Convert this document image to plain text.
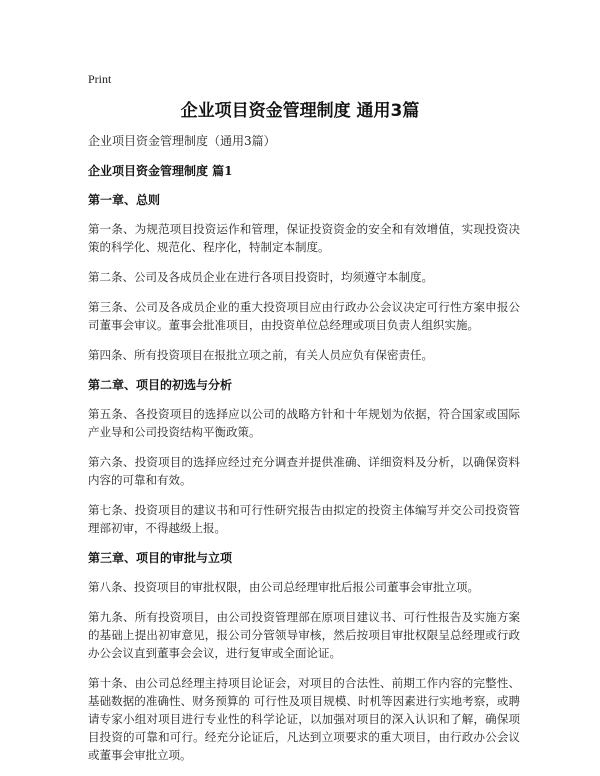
Print
企业项目资金管理制度 通用3篇

企业项目资金管理制度（通用3篇）

企业项目资金管理制度 篇1

第一章、总则

第一条、为规范项目投资运作和管理，保证投资资金的安全和有效增值，实现投资决策的科学化、规范化、程序化，特制定本制度。

第二条、公司及各成员企业在进行各项目投资时，均须遵守本制度。

第三条、公司及各成员企业的重大投资项目应由行政办公会议决定可行性方案申报公司董事会审议。董事会批准项目，由投资单位总经理或项目负责人组织实施。

第四条、所有投资项目在报批立项之前，有关人员应负有保密责任。

第二章、项目的初选与分析

第五条、各投资项目的选择应以公司的战略方针和十年规划为依据，符合国家或国际产业导和公司投资结构平衡政策。

第六条、投资项目的选择应经过充分调查并提供准确、详细资料及分析，以确保资料内容的可靠和有效。

第七条、投资项目的建议书和可行性研究报告由拟定的投资主体编写并交公司投资管理部初审，不得越级上报。

第三章、项目的审批与立项

第八条、投资项目的审批权限，由公司总经理审批后报公司董事会审批立项。

第九条、所有投资项目，由公司投资管理部在原项目建议书、可行性报告及实施方案的基础上提出初审意见，报公司分管领导审核，然后按项目审批权限呈总经理或行政办公会议直到董事会会议，进行复审或全面论证。

第十条、由公司总经理主持项目论证会，对项目的合法性、前期工作内容的完整性、基础数据的准确性、财务预算的 可行性及项目规模、时机等因素进行实地考察，或聘请专家小组对项目进行专业性的科学论证，以加强对项目的深入认识和了解，确保项目投资的可靠和可行。经充分论证后，凡达到立项要求的重大项目，由行政办公会议或董事会审批立项。
